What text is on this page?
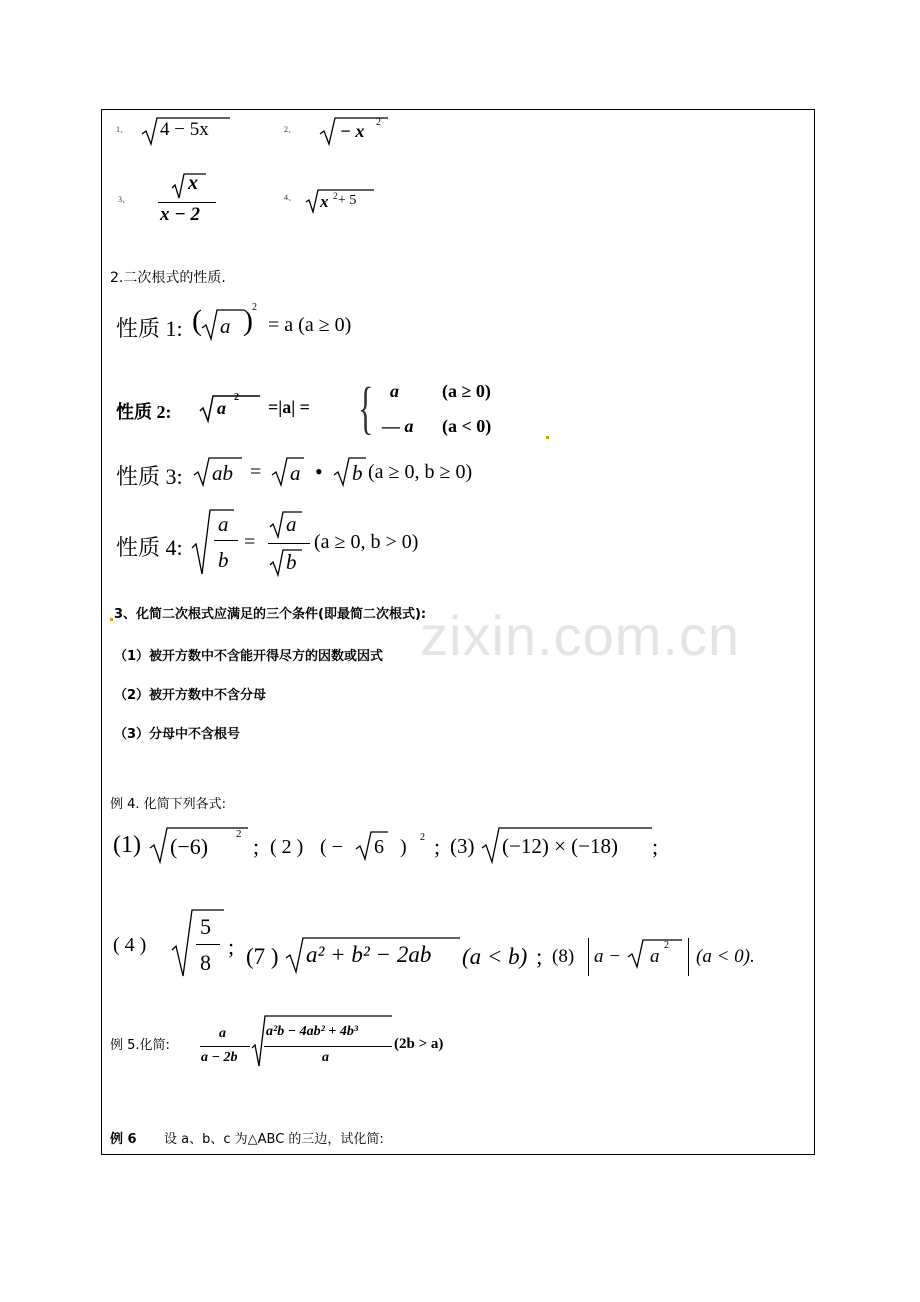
zixin.com.cn
1、 4 − 5x	2、 − x 2
3、
x
x − 2
4、 x 2 + 5
2.二次根式的性质.
性质 1: ( a ) 2
= a (a ≥ 0)
性质 2:	a
2 =|a| = { a (a ≥ 0)
— a (a < 0)
性质 3: ab = a • b (a ≥ 0, b ≥ 0)
性质 4:
a
b
=
a
b
(a ≥ 0, b > 0)
3、化简二次根式应满足的三个条件(即最简二次根式):
（1）被开方数中不含能开得尽方的因数或因式
（2）被开方数中不含分母
（3）分母中不含根号
例 4. 化简下列各式:
(1) (−6)	2 ; ( 2 ) ( − 6 ) 2 ; (3) (−12) × (−18) ;
( 4 )
5
8
; (7 ) a² + b² − 2ab (a < b) ; (8) a − a
2
(a < 0).
例 5.化简:
a
a − 2b
a²b − 4ab² + 4b³
a
(2b > a)
例 6 设 a、b、c 为△ABC 的三边，试化简:
